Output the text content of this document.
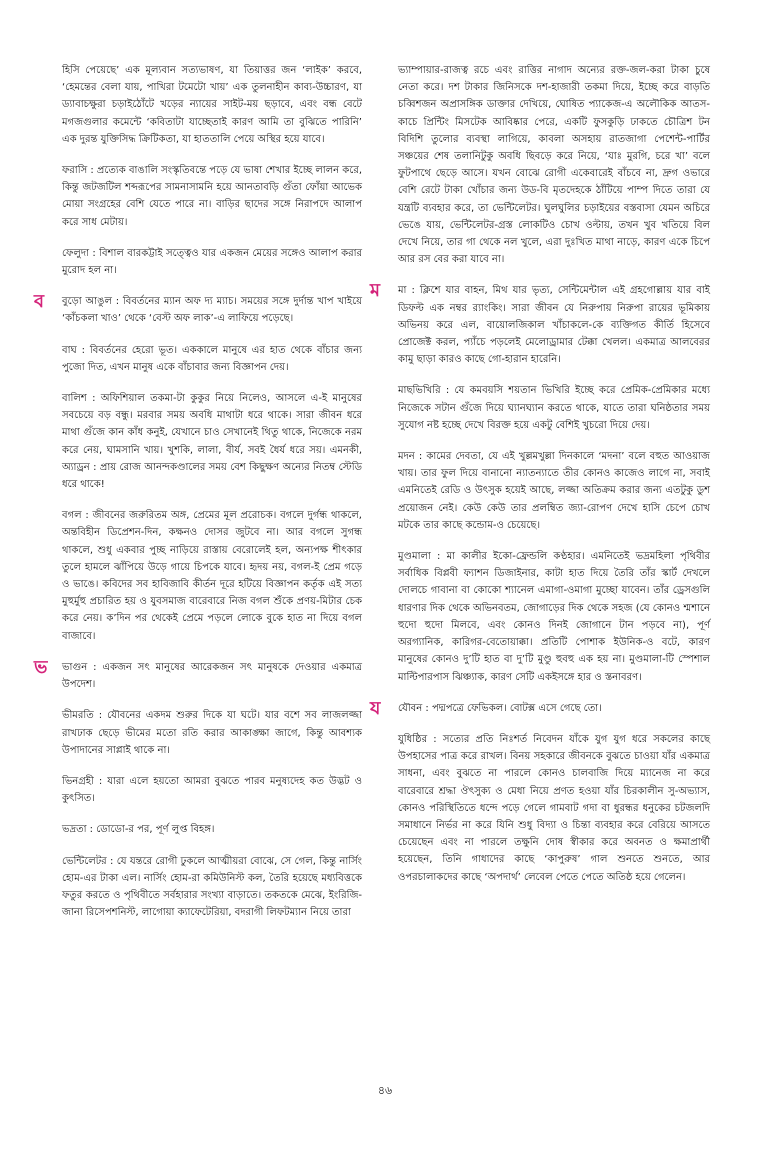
হিসি পেয়েছে’ এক মূল্যবান সত্যভাষণ, যা তিয়াত্তর জন ‘লাইক’ করবে, ‘হেমন্তের বেলা যায়, পাখিরা টমেটো খায়’ এক তুলনাহীন কাব্য-উচ্চারণ, যা ড্যাবাচক্ষুরা চড়াইঠোঁটে খড়ের ন্যায়ের সাইট-ময় ছড়াবে, এবং বন্ধ বেটে মগজগুলার কমেন্টে ‘কবিতাটা যাচ্ছেতাই কারণ আমি তা বুঝিতে পারিনি’ এক দুরন্ত যুক্তিসিদ্ধ ক্রিটিকতা, যা হাততালি পেয়ে অস্থির হয়ে যাবে।
ফরাসি : প্রত্যেক বাঙালি সংস্কৃতিবন্তে পড়ে যে ভাষা শেখার ইচ্ছে লালন করে, কিন্তু জটজটিল শব্দরূপের সামনাসামনি হয়ে আনতাবড়ি গুঁতা ফোঁয়া আভেক মোয়া সংগ্রহের বেশি যেতে পারে না। বাড়ির ছাদের সঙ্গে নিরাপদে আলাপ করে সাধ মেটায়।
ফেলুদা : বিশাল বারকট্টাই সত্ত্বেও যার একজন মেয়ের সঙ্গেও আলাপ করার মুরোদ হল না।
ব বুড়ো আঙুল : বিবর্তনের ম্যান অফ দ্য ম্যাচ। সময়ের সঙ্গে দুর্দান্ত খাপ খাইয়ে ‘কাঁচকলা খাও’ থেকে ‘বেস্ট অফ লাক’-এ লাফিয়ে পড়েছে।
বাঘ : বিবর্তনের হেরো ভূত। এককালে মানুষে এর হাত থেকে বাঁচার জন্য পুজো দিত, এখন মানুষ একে বাঁচাবার জন্য বিজ্ঞাপন দেয়।
বালিশ : অফিশিয়াল তকমা-টা কুকুর নিয়ে নিলেও, আসলে এ-ই মানুষের সবচেয়ে বড় বন্ধু। মরবার সময় অবধি মাথাটা ধরে থাকে। সারা জীবন ধরে মাথা গুঁজে কান কাঁধ কনুই, যেখানে চাও সেখানেই থিতু থাকে, নিজেকে নরম করে নেয়, ঘামসানি খায়। খুশকি, লালা, বীর্য, সবই ধৈর্য ধরে সয়। এমনকী, অ্যাড্রন : প্রায় রোজ আনন্দকণ্ডালের সময় বেশ কিছুক্ষণ অন্যের নিতম্ব স্টেডি ধরে থাকে!
বগল : জীবনের জরুরিতম অঙ্গ, প্রেমের মূল প্ররোচক। বগলে দুর্গন্ধ থাকলে, অন্তবিহীন ডিপ্রেশন-দিন, কক্ষনও দোসর জুটবে না। আর বগলে সুগন্ধ থাকলে, শুধু একবার পুচ্ছ নাড়িয়ে রাস্তায় বেরোলেই হল, অন্যপক্ষ শীৎকার তুলে হামলে ঝাঁপিয়ে উড়ে গায়ে চিপকে যাবে। হৃদয় নয়, বগল-ই প্রেম গড়ে ও ভাঙে। কবিদের সব হাবিজাবি কীর্তন দূরে হটিয়ে বিজ্ঞাপন কর্তৃক এই সত্য মুহুর্মুহু প্রচারিত হয় ও যুবসমাজ বারেবারে নিজ বগল শুঁকে প্রণয়-মিটার চেক করে নেয়। ক’দিন পর থেকেই প্রেমে পড়লে লোকে বুকে হাত না দিয়ে বগল বাজাবে।
ভ ভাগুন : একজন সৎ মানুষের আরেকজন সৎ মানুষকে দেওয়ার একমাত্র উপদেশ।
ভীমরতি : যৌবনের একদম শুরুর দিকে যা ঘটে। যার বশে সব লাজলজ্জা রাখঢাক ছেড়ে ভীমের মতো রতি করার আকাঙ্ক্ষা জাগে, কিন্তু আবশ্যক উপাদানের সাপ্লাই থাকে না।
ভিনগ্রহী : যারা এলে হয়তো আমরা বুঝতে পারব মনুষ্যদেহ কত উদ্ভট ও কুৎসিত।
ভদ্রতা : ডোডো-র পর, পূর্ণ লুপ্ত বিহঙ্গ।
ভেন্টিলেটর : যে যন্তরে রোগী ঢুকলে আত্মীয়রা বোঝে, সে গেল, কিন্তু নার্সিং হোম-এর টাকা এল। নার্সিং হোম-রা কমিউনিস্ট কল, তৈরি হয়েছে মধ্যবিত্তকে ফতুর করতে ও পৃথিবীতে সর্বহারার সংখ্যা বাড়াতে। তকতকে মেঝে, ইংরিজি-জানা রিসেপশনিস্ট, লাগোয়া ক্যাফেটেরিয়া, বদরাগী লিফটম্যান নিয়ে তারা
ভ্যাম্পায়ার-রাজত্ব রচে এবং রাত্তির নাগাদ অন্যের রক্ত-জল-করা টাকা চুষে নেতা করে। দশ টাকার জিনিসকে দশ-হাজারী তকমা দিয়ে, ইচ্ছে করে বাড়তি চব্বিশজন অপ্রাসঙ্গিক ডাক্তার দেখিয়ে, ঘোষিত প্যাকেজ-এ অলৌকিক আতস-কাচে প্রিন্টিং মিসটেক আবিষ্কার পেরে, একটি ফুসকুড়ি ঢাকতে চৌত্রিশ টন বিদিশি তুলোর ব্যবস্থা লাগিয়ে, কাবলা অসহায় রাতজাগা পেশেন্ট-পার্টির সঞ্চয়ের শেষ তলানিটুকু অবধি ছিবড়ে করে নিয়ে, ‘যাঃ মুরগি, চরে খা’ বলে ফুটপাথে ছেড়ে আসে। যখন বোঝে রোগী একেবারেই বাঁচবে না, দ্রুগ ওভারে বেশি রেটে টাকা খোঁচার জন্য উড-বি মৃতদেহকে ঠাঁটিয়ে পাম্প দিতে তারা যে যন্ত্রটি ব্যবহার করে, তা ভেন্টিলেটর। ঘুলঘুলির চড়াইয়ের বস্তবাসা যেমন অচিরে ভেঙে যায়, ভেন্টিলেটর-গ্রস্ত লোকটিও চোখ ওল্টায়, তখন খুব খতিয়ে বিল দেখে নিয়ে, তার গা থেকে নল খুলে, এরা দুঃখিত মাথা নাড়ে, কারণ একে চিপে আর রস বের করা যাবে না।
ম মা : ক্লিশে যার বাহন, মিথ যার ভৃত্য, সেন্টিমেন্টাল এই গ্রহগোল্লায় যার বাই ডিফল্ট এক নম্বর র‍্যাংকিং। সারা জীবন যে নিরুপায় নিরুপা রায়ের ভূমিকায় অভিনয় করে এল, বায়োলজিকাল খাঁচাকলে-কে ব্যক্তিগত কীর্তি হিসেবে প্রোজেক্ট করল, প্যাঁচে পড়লেই মেলোড্রামার টেক্কা খেলল। একমাত্র আলবেরর কামু ছাড়া কারও কাছে গো-হারান হারেনি।
মাছভিখিরি : যে কমবয়সি শয়তান ভিখিরি ইচ্ছে করে প্রেমিক-প্রেমিকার মধ্যে নিজেকে সটান গুঁজে দিয়ে ঘ্যানঘ্যান করতে থাকে, যাতে তারা ঘনিষ্ঠতার সময় সুযোগ নষ্ট হচ্ছে দেখে বিরক্ত হয়ে একটু বেশিই খুচরো দিয়ে দেয়।
মদন : কামের দেবতা, যে এই খুল্লমখুল্লা দিনকালে ‘মদনা’ বলে বহুত আওয়াজ খায়। তার ফুল দিয়ে বানানো ন্যাতন্যাতে তীর কোনও কাজেও লাগে না, সবাই এমনিতেই রেডি ও উৎসুক হয়েই আছে, লজ্জা অতিক্রম করার জন্য এতটুকু ডুশ প্রয়োজন নেই। কেউ কেউ তার প্রলম্বিত জ্যা-রোপণ দেখে হাসি চেপে চোখ মটকে তার কাছে কন্ডোম-ও চেয়েছে।
মুণ্ডমালা : মা কালীর ইকো-ফ্রেন্ডলি কণ্ঠহার। এমনিতেই ভদ্রমহিলা পৃথিবীর সর্বাধিক বিপ্লবী ফ্যাশন ডিজাইনার, কাটা হাত দিয়ে তৈরি তাঁর স্কার্ট দেখলে দোলচে গাবানা বা কোকো শ্যানেল এমাগা-ওমাগা মুচ্ছো যাবেন। তাঁর ড্রেসগুলি ধারণার দিক থেকে অভিনবতম, জোগাড়ের দিক থেকে সহজ (যে কোনও শ্মশানে হুদো হুদো মিলবে, এবং কোনও দিনই জোগানে টান পড়বে না), পূর্ণ অরগ্যানিক, কারিগর-বেতোয়াক্কা। প্রতিটি পোশাক ইউনিক-ও বটে, কারণ মানুষের কোনও দু’টি হাত বা দু’টি মুণ্ডু হুবহু এক হয় না। মুণ্ডমালা-টি স্পেশাল মাল্টিপারপাস ঝিঞ্চ্যাক, কারণ সেটি একইসঙ্গে হার ও স্তনাবরণ।
য যৌবন : পদ্মপত্রে ফেভিকল। বোটক্স এসে গেছে তো।
যুধিষ্ঠির : সত্যের প্রতি নিঃশর্ত নিবেদন যাঁকে যুগ যুগ ধরে সকলের কাছে উপহাসের পাত্র করে রাখল। বিনয় সহকারে জীবনকে বুঝতে চাওয়া যাঁর একমাত্র সাধনা, এবং বুঝতে না পারলে কোনও চালবাজি দিয়ে ম্যানেজ না করে বারেবারে শ্রদ্ধা ঔৎসুক্য ও মেধা নিয়ে প্রণত হওয়া যাঁর চিরকালীন সু-অভ্যাস, কোনও পরিস্থিতিতে ধন্দে পড়ে গেলে গামবাট গদা বা ধুরন্ধর ধনুকের চটজলদি সমাধানে নির্ভর না করে যিনি শুধু বিদ্যা ও চিন্তা ব্যবহার করে বেরিয়ে আসতে চেয়েছেন এবং না পারলে তক্ষুনি দোষ স্বীকার করে অবনত ও ক্ষমাপ্রার্থী হয়েছেন, তিনি গাধাদের কাছে ‘কাপুরুষ’ গাল শুনতে শুনতে, আর ওপরচালাকদের কাছে ‘অপদার্থ’ লেবেল পেতে পেতে অতিষ্ঠ হয়ে গেলেন।
৪৬
